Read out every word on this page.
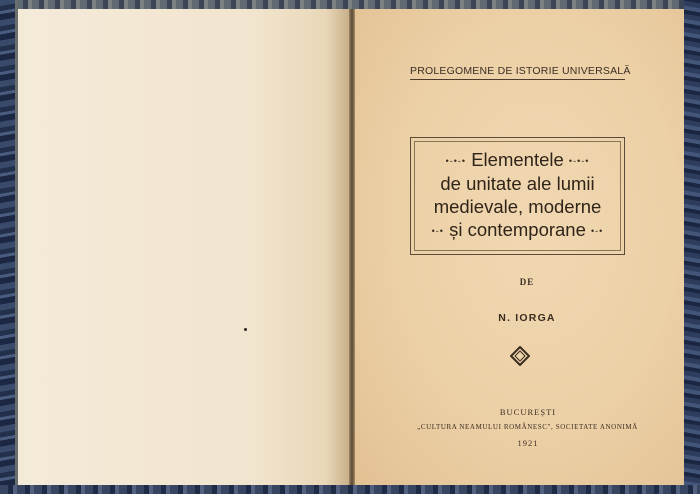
PROLEGOMENE DE ISTORIE UNIVERSALĂ
•-•-• Elementele •-•-•
de unitate ale lumii
medievale, moderne
•-• și contemporane •-•
DE
N. IORGA
BUCUREȘTI
„CULTURA NEAMULUI ROMÂNESC", SOCIETATE ANONIMĂ
1921
